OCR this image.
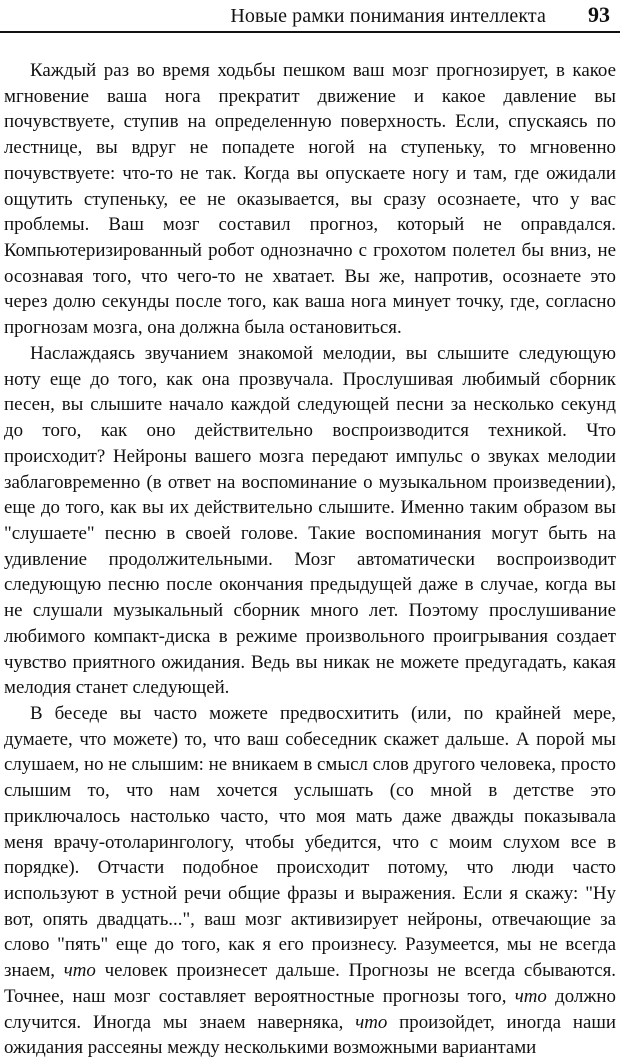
Новые рамки понимания интеллекта 93

Каждый раз во время ходьбы пешком ваш мозг прогнозирует, в какое мгновение ваша нога прекратит движение и какое давление вы почувствуете, ступив на определенную поверхность. Если, спускаясь по лестнице, вы вдруг не попадете ногой на ступеньку, то мгновенно почувствуете: что-то не так. Когда вы опускаете ногу и там, где ожидали ощутить ступеньку, ее не оказывается, вы сразу осознаете, что у вас проблемы. Ваш мозг составил прогноз, который не оправдался. Компьютеризированный робот однозначно с грохотом полетел бы вниз, не осознавая того, что чего-то не хватает. Вы же, напротив, осознаете это через долю секунды после того, как ваша нога минует точку, где, согласно прогнозам мозга, она должна была остановиться.

Наслаждаясь звучанием знакомой мелодии, вы слышите следующую ноту еще до того, как она прозвучала. Прослушивая любимый сборник песен, вы слышите начало каждой следующей песни за несколько секунд до того, как оно действительно воспроизводится техникой. Что происходит? Нейроны вашего мозга передают импульс о звуках мелодии заблаговременно (в ответ на воспоминание о музыкальном произведении), еще до того, как вы их действительно слышите. Именно таким образом вы "слушаете" песню в своей голове. Такие воспоминания могут быть на удивление продолжительными. Мозг автоматически воспроизводит следующую песню после окончания предыдущей даже в случае, когда вы не слушали музыкальный сборник много лет. Поэтому прослушивание любимого компакт-диска в режиме произвольного проигрывания создает чувство приятного ожидания. Ведь вы никак не можете предугадать, какая мелодия станет следующей.

В беседе вы часто можете предвосхитить (или, по крайней мере, думаете, что можете) то, что ваш собеседник скажет дальше. А порой мы слушаем, но не слышим: не вникаем в смысл слов другого человека, просто слышим то, что нам хочется услышать (со мной в детстве это приключалось настолько часто, что моя мать даже дважды показывала меня врачу-отоларингологу, чтобы убедится, что с моим слухом все в порядке). Отчасти подобное происходит потому, что люди часто используют в устной речи общие фразы и выражения. Если я скажу: "Ну вот, опять двадцать...", ваш мозг активизирует нейроны, отвечающие за слово "пять" еще до того, как я его произнесу. Разумеется, мы не всегда знаем, что человек произнесет дальше. Прогнозы не всегда сбываются. Точнее, наш мозг составляет вероятностные прогнозы того, что должно случится. Иногда мы знаем наверняка, что произойдет, иногда наши ожидания рассеяны между несколькими возможными вариантами
